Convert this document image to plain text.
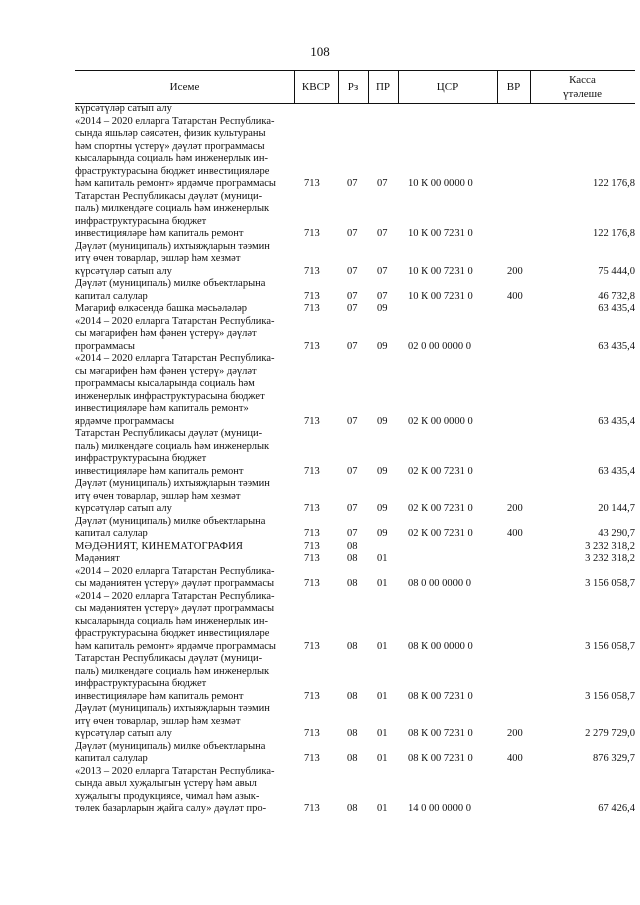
108
Исеме	КВСР	Рз	ПР	ЦСР	ВР
Касса
үтәлеше
күрсәтүләр сатып алу
«2014 – 2020 елларга Татарстан Республика-
сында яшьләр сәясәтен, физик культураны
һәм спортны үстерү» дәүләт программасы
кысаларында социаль һәм инженерлык ин-
фраструктурасына бюджет инвестицияләре
һәм капиталь ремонт» ярдәмче программасы	713	07 07 10 К 00 0000 0	122 176,8
Татарстан Республикасы дәүләт (муници-
паль) милкендәге социаль һәм инженерлык
инфраструктурасына бюджет
инвестицияләре һәм капиталь ремонт	713	07 07 10 К 00 7231 0	122 176,8
Дәүләт (муниципаль) ихтыяҗларын тәэмин
итү өчен товарлар, эшләр һәм хезмәт
күрсәтүләр сатып алу	713	07 07 10 К 00 7231 0	200	75 444,0
Дәүләт (муниципаль) милке объектларына
капитал салулар	713	07 07 10 К 00 7231 0	400	46 732,8
Мәгариф өлкәсендә башка мәсьәләләр	713	07 09	63 435,4
«2014 – 2020 елларга Татарстан Республика-
сы мәгарифен һәм фәнен үстерү» дәүләт
программасы	713	07 09 02 0 00 0000 0	63 435,4
«2014 – 2020 елларга Татарстан Республика-
сы мәгарифен һәм фәнен үстерү» дәүләт
программасы кысаларында социаль һәм
инженерлык инфраструктурасына бюджет
инвестицияләре һәм капиталь ремонт»
ярдәмче программасы	713	07 09 02 К 00 0000 0	63 435,4
Татарстан Республикасы дәүләт (муници-
паль) милкендәге социаль һәм инженерлык
инфраструктурасына бюджет
инвестицияләре һәм капиталь ремонт	713	07 09 02 К 00 7231 0	63 435,4
Дәүләт (муниципаль) ихтыяҗларын тәэмин
итү өчен товарлар, эшләр һәм хезмәт
күрсәтүләр сатып алу	713	07 09 02 К 00 7231 0	200	20 144,7
Дәүләт (муниципаль) милке объектларына
капитал салулар	713	07 09 02 К 00 7231 0	400	43 290,7
МӘДӘНИЯТ, КИНЕМАТОГРАФИЯ	713	08	3 232 318,2
Мәдәният	713	08 01	3 232 318,2
«2014 – 2020 елларга Татарстан Республика-
сы мәдәниятен үстерү» дәүләт программасы	713	08 01 08 0 00 0000 0	3 156 058,7
«2014 – 2020 елларга Татарстан Республика-
сы мәдәниятен үстерү» дәүләт программасы
кысаларында социаль һәм инженерлык ин-
фраструктурасына бюджет инвестицияләре
һәм капиталь ремонт» ярдәмче программасы	713	08 01 08 К 00 0000 0	3 156 058,7
Татарстан Республикасы дәүләт (муници-
паль) милкендәге социаль һәм инженерлык
инфраструктурасына бюджет
инвестицияләре һәм капиталь ремонт	713	08 01 08 К 00 7231 0	3 156 058,7
Дәүләт (муниципаль) ихтыяҗларын тәэмин
итү өчен товарлар, эшләр һәм хезмәт
күрсәтүләр сатып алу	713	08 01 08 К 00 7231 0	200	2 279 729,0
Дәүләт (муниципаль) милке объектларына
капитал салулар	713	08 01 08 К 00 7231 0	400	876 329,7
«2013 – 2020 елларга Татарстан Республика-
сында авыл хуҗалыгын үстерү һәм авыл
хуҗалыгы продукциясе, чимал һәм азык-
төлек базарларын җайга салу» дәүләт про-	713	08 01 14 0 00 0000 0	67 426,4
